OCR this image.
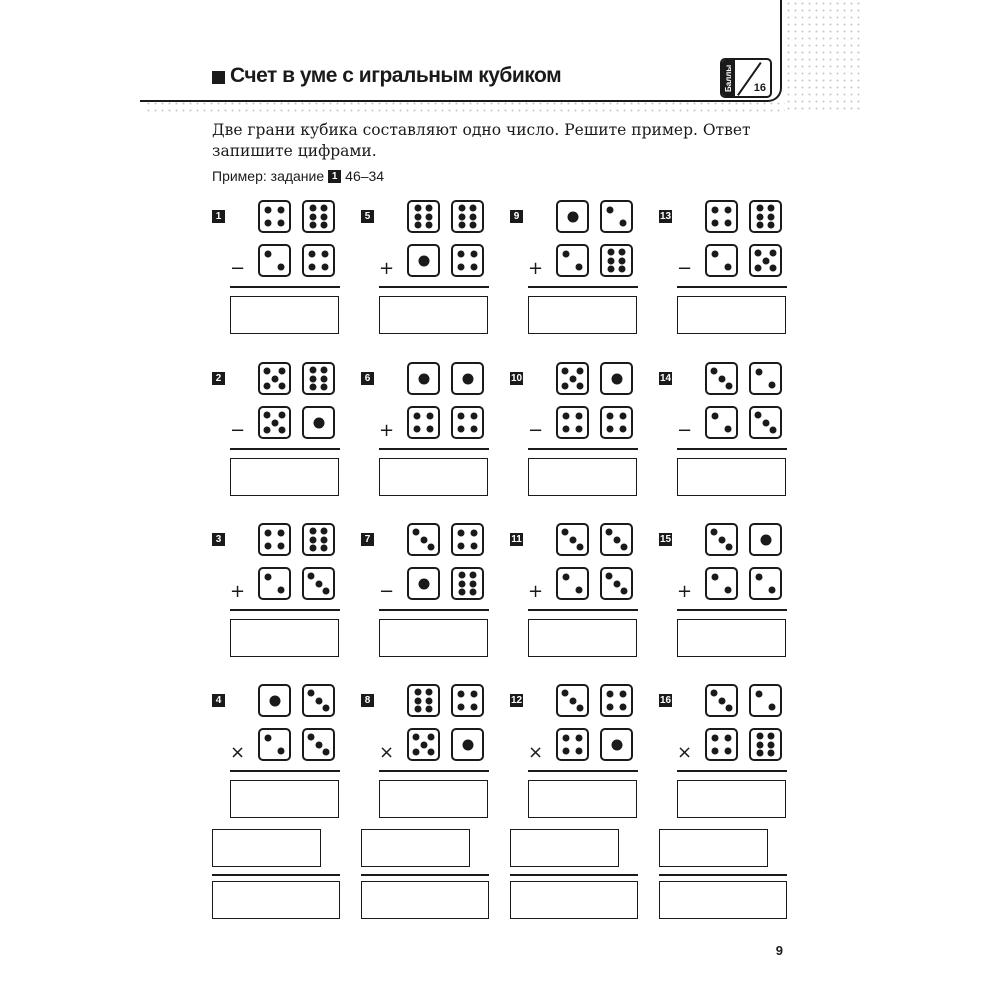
Счет в уме с игральным кубиком	Баллы 16
Две грани кубика составляют одно число. Решите пример. Ответ запишите цифрами.
Пример: задание 1 46–34
1
−
2
−
3
+
4
×
5
+
6
+
7
−
8
×
9
+
10
−
11
+
12
×
13
−
14
−
15
+
16
×
9
